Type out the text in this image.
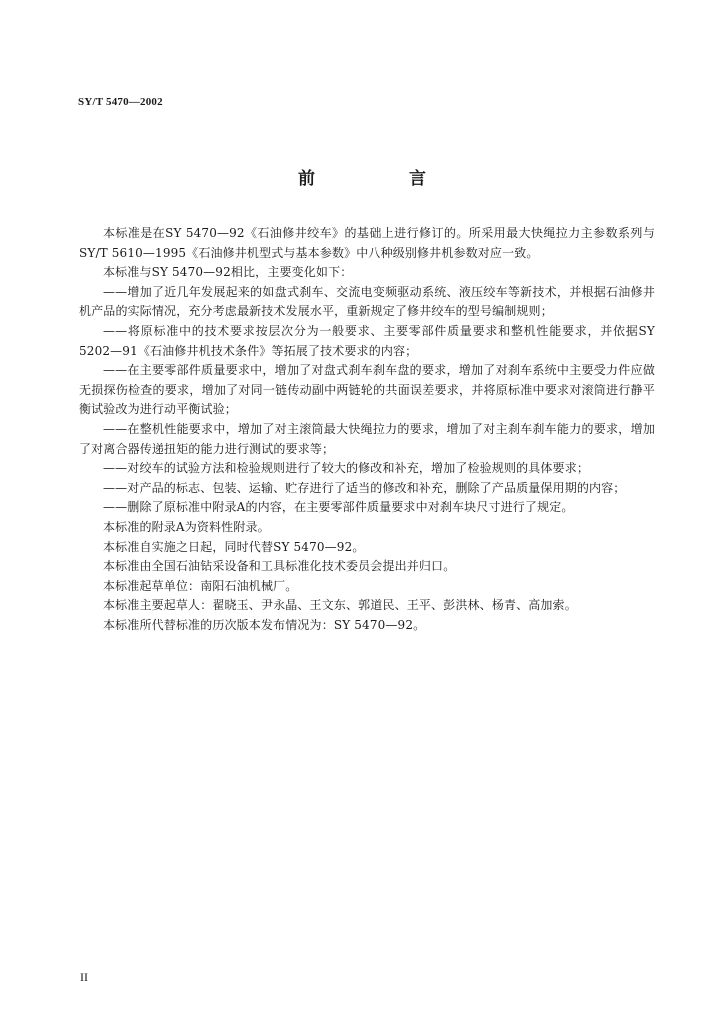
SY/T 5470—2002
前 言

本标准是在SY 5470—92《石油修井绞车》的基础上进行修订的。所采用最大快绳拉力主参数系列与SY/T 5610—1995《石油修井机型式与基本参数》中八种级别修井机参数对应一致。

本标准与SY 5470—92相比，主要变化如下：

——增加了近几年发展起来的如盘式刹车、交流电变频驱动系统、液压绞车等新技术，并根据石油修井机产品的实际情况，充分考虑最新技术发展水平，重新规定了修井绞车的型号编制规则；

——将原标准中的技术要求按层次分为一般要求、主要零部件质量要求和整机性能要求，并依据SY 5202—91《石油修井机技术条件》等拓展了技术要求的内容；

——在主要零部件质量要求中，增加了对盘式刹车刹车盘的要求，增加了对刹车系统中主要受力件应做无损探伤检查的要求，增加了对同一链传动副中两链轮的共面误差要求，并将原标准中要求对滚筒进行静平衡试验改为进行动平衡试验；

——在整机性能要求中，增加了对主滚筒最大快绳拉力的要求，增加了对主刹车刹车能力的要求，增加了对离合器传递扭矩的能力进行测试的要求等；

——对绞车的试验方法和检验规则进行了较大的修改和补充，增加了检验规则的具体要求；

——对产品的标志、包装、运输、贮存进行了适当的修改和补充，删除了产品质量保用期的内容；

——删除了原标准中附录A的内容，在主要零部件质量要求中对刹车块尺寸进行了规定。

本标准的附录A为资料性附录。

本标准自实施之日起，同时代替SY 5470—92。

本标准由全国石油钻采设备和工具标准化技术委员会提出并归口。

本标准起草单位：南阳石油机械厂。

本标准主要起草人：翟晓玉、尹永晶、王文东、郭道民、王平、彭洪林、杨青、高加索。

本标准所代替标准的历次版本发布情况为：SY 5470—92。

II
